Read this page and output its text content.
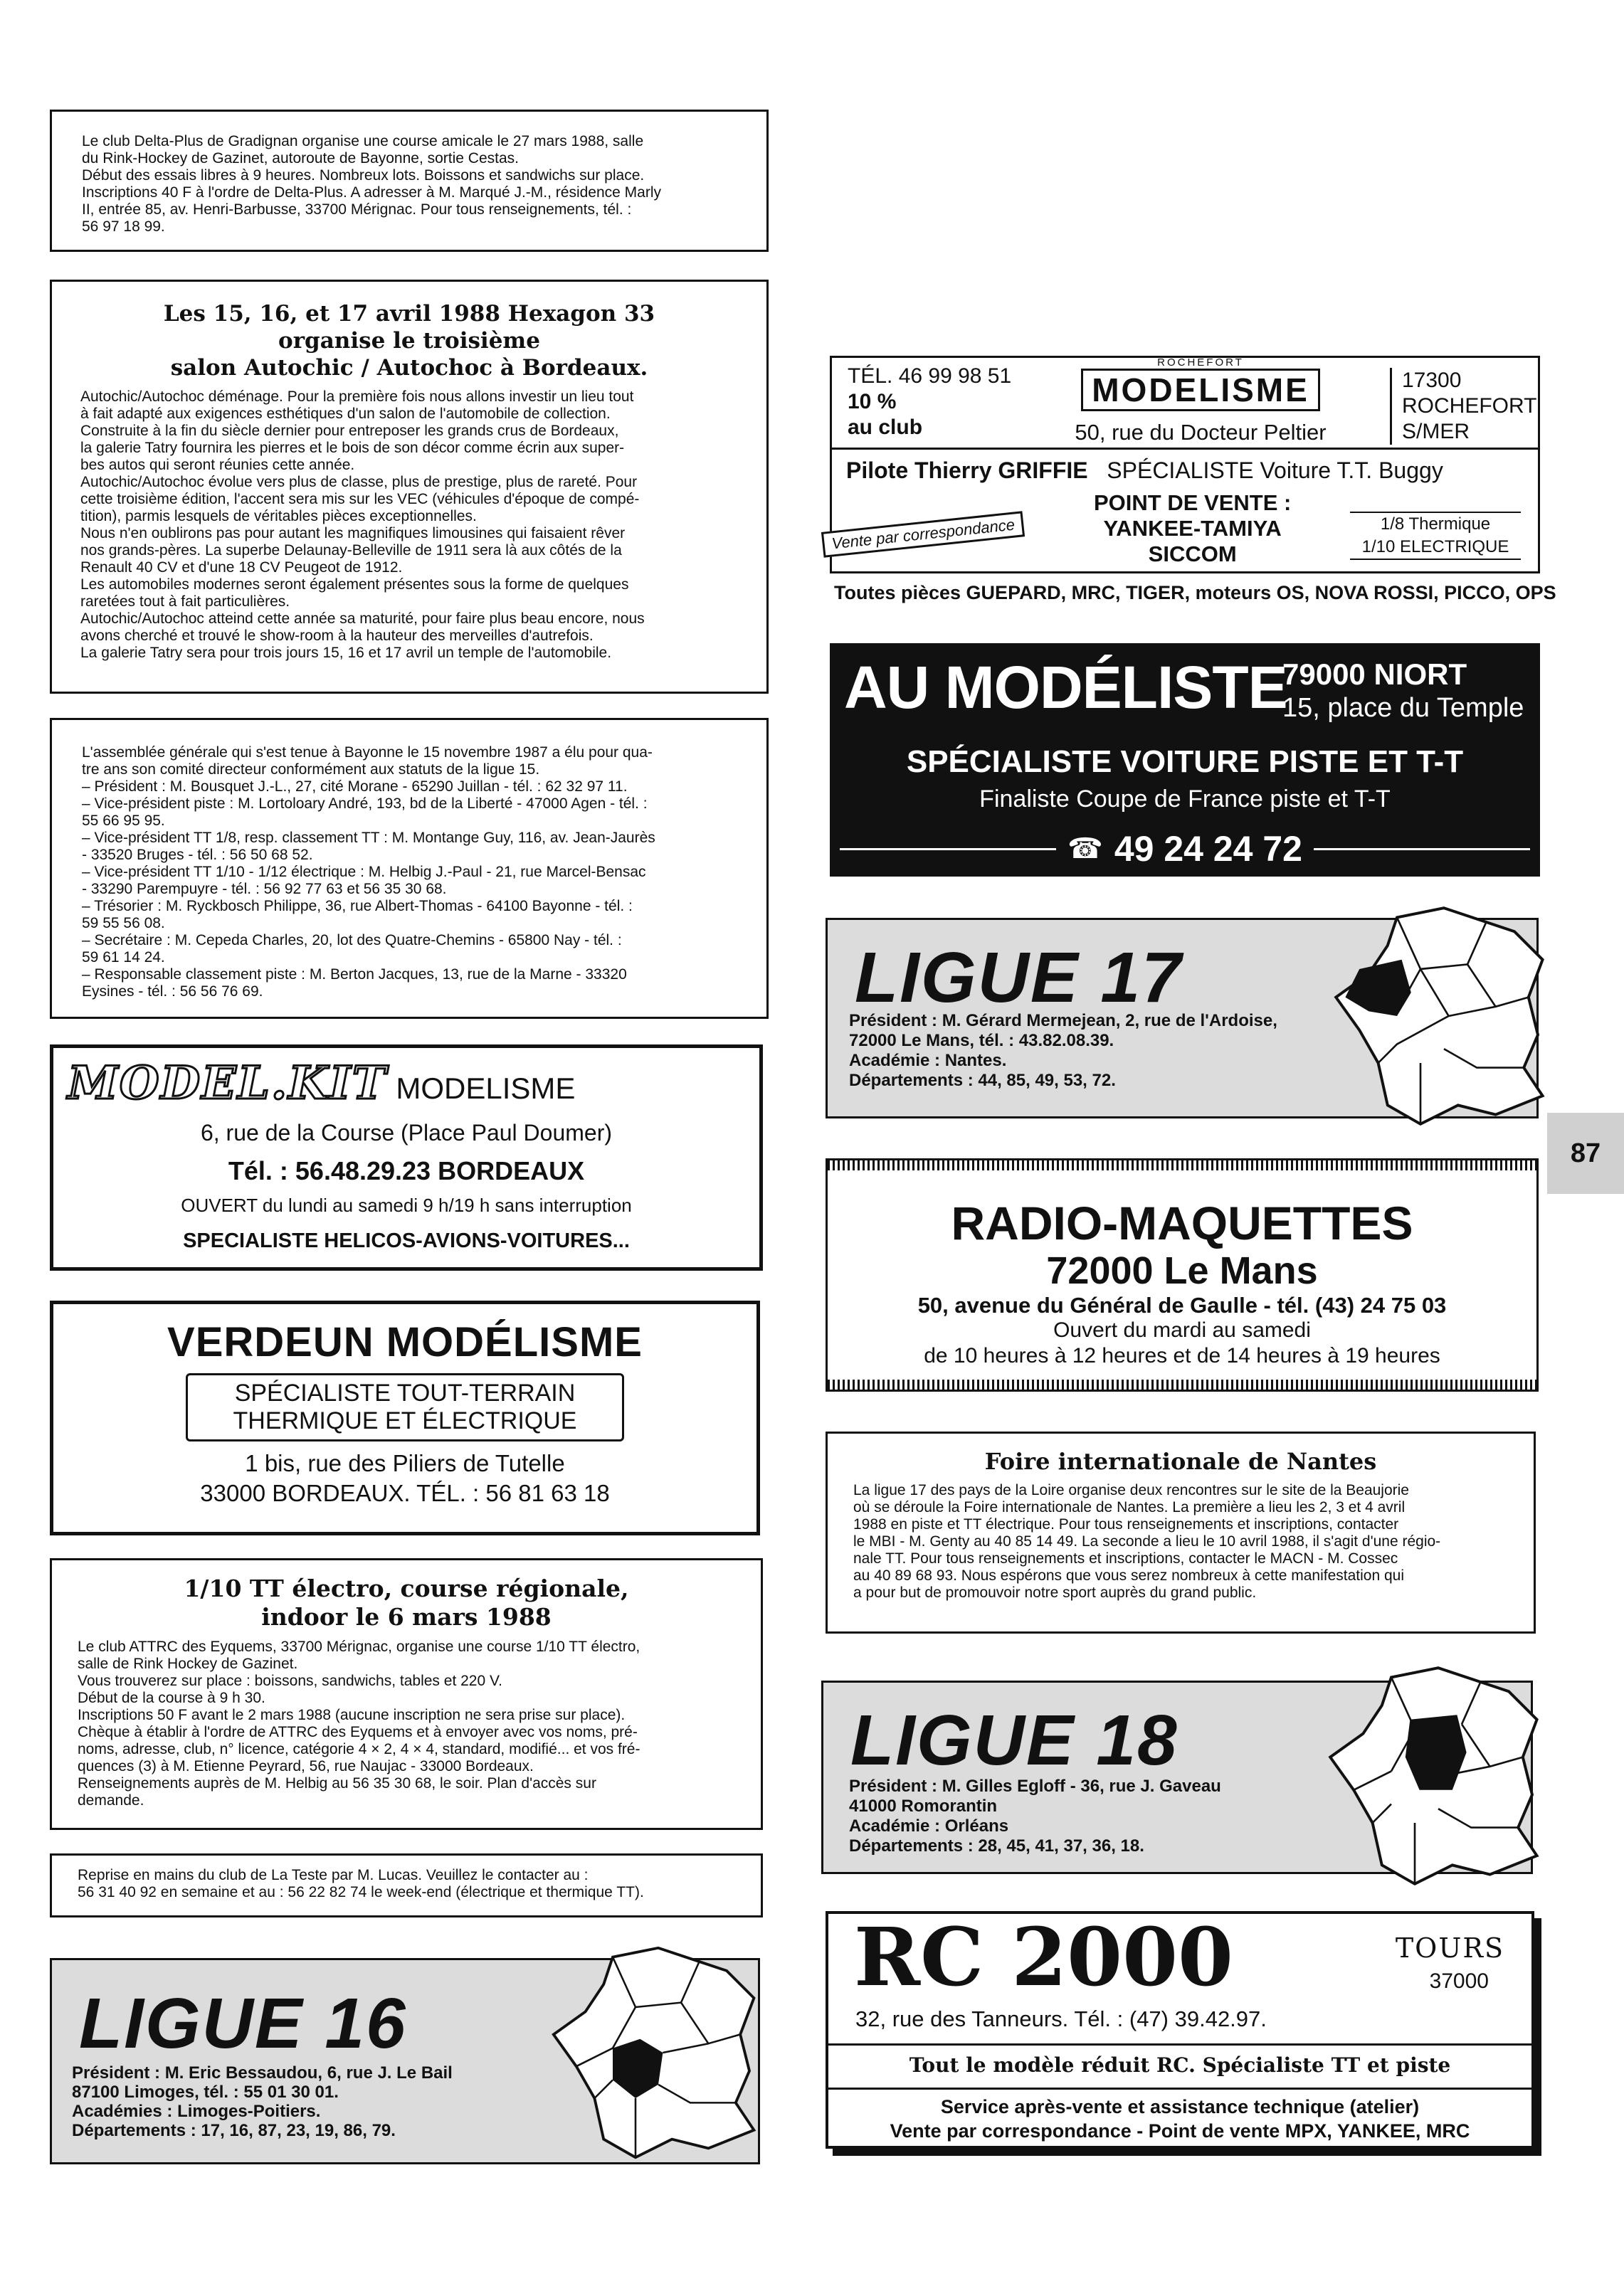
Le club Delta-Plus de Gradignan organise une course amicale le 27 mars 1988, salle

du Rink-Hockey de Gazinet, autoroute de Bayonne, sortie Cestas.

Début des essais libres à 9 heures. Nombreux lots. Boissons et sandwichs sur place.

Inscriptions 40 F à l'ordre de Delta-Plus. A adresser à M. Marqué J.-M., résidence Marly

II, entrée 85, av. Henri-Barbusse, 33700 Mérignac. Pour tous renseignements, tél. :

56 97 18 99.

Les 15, 16, et 17 avril 1988 Hexagon 33

organise le troisième

salon Autochic / Autochoc à Bordeaux.

Autochic/Autochoc déménage. Pour la première fois nous allons investir un lieu tout

à fait adapté aux exigences esthétiques d'un salon de l'automobile de collection.

Construite à la fin du siècle dernier pour entreposer les grands crus de Bordeaux,

la galerie Tatry fournira les pierres et le bois de son décor comme écrin aux super-

bes autos qui seront réunies cette année.

Autochic/Autochoc évolue vers plus de classe, plus de prestige, plus de rareté. Pour

cette troisième édition, l'accent sera mis sur les VEC (véhicules d'époque de compé-

tition), parmis lesquels de véritables pièces exceptionnelles.

Nous n'en oublirons pas pour autant les magnifiques limousines qui faisaient rêver

nos grands-pères. La superbe Delaunay-Belleville de 1911 sera là aux côtés de la

Renault 40 CV et d'une 18 CV Peugeot de 1912.

Les automobiles modernes seront également présentes sous la forme de quelques

raretées tout à fait particulières.

Autochic/Autochoc atteind cette année sa maturité, pour faire plus beau encore, nous

avons cherché et trouvé le show-room à la hauteur des merveilles d'autrefois.

La galerie Tatry sera pour trois jours 15, 16 et 17 avril un temple de l'automobile.

L'assemblée générale qui s'est tenue à Bayonne le 15 novembre 1987 a élu pour qua-

tre ans son comité directeur conformément aux statuts de la ligue 15.

– Président : M. Bousquet J.-L., 27, cité Morane - 65290 Juillan - tél. : 62 32 97 11.

– Vice-président piste : M. Lortoloary André, 193, bd de la Liberté - 47000 Agen - tél. :

55 66 95 95.

– Vice-président TT 1/8, resp. classement TT : M. Montange Guy, 116, av. Jean-Jaurès

- 33520 Bruges - tél. : 56 50 68 52.

– Vice-président TT 1/10 - 1/12 électrique : M. Helbig J.-Paul - 21, rue Marcel-Bensac

- 33290 Parempuyre - tél. : 56 92 77 63 et 56 35 30 68.

– Trésorier : M. Ryckbosch Philippe, 36, rue Albert-Thomas - 64100 Bayonne - tél. :

59 55 56 08.

– Secrétaire : M. Cepeda Charles, 20, lot des Quatre-Chemins - 65800 Nay - tél. :

59 61 14 24.

– Responsable classement piste : M. Berton Jacques, 13, rue de la Marne - 33320

Eysines - tél. : 56 56 76 69.

MODEL.KIT MODELISME

6, rue de la Course (Place Paul Doumer)

Tél. : 56.48.29.23 BORDEAUX

OUVERT du lundi au samedi 9 h/19 h sans interruption

SPECIALISTE HELICOS-AVIONS-VOITURES...

VERDEUN MODÉLISME

SPÉCIALISTE TOUT-TERRAIN

THERMIQUE ET ÉLECTRIQUE

1 bis, rue des Piliers de Tutelle

33000 BORDEAUX. TÉL. : 56 81 63 18

1/10 TT électro, course régionale,

indoor le 6 mars 1988

Le club ATTRC des Eyquems, 33700 Mérignac, organise une course 1/10 TT électro,

salle de Rink Hockey de Gazinet.

Vous trouverez sur place : boissons, sandwichs, tables et 220 V.

Début de la course à 9 h 30.

Inscriptions 50 F avant le 2 mars 1988 (aucune inscription ne sera prise sur place).

Chèque à établir à l'ordre de ATTRC des Eyquems et à envoyer avec vos noms, pré-

noms, adresse, club, n° licence, catégorie 4 × 2, 4 × 4, standard, modifié... et vos fré-

quences (3) à M. Etienne Peyrard, 56, rue Naujac - 33000 Bordeaux.

Renseignements auprès de M. Helbig au 56 35 30 68, le soir. Plan d'accès sur

demande.

Reprise en mains du club de La Teste par M. Lucas. Veuillez le contacter au :

56 31 40 92 en semaine et au : 56 22 82 74 le week-end (électrique et thermique TT).

LIGUE 16

Président : M. Eric Bessaudou, 6, rue J. Le Bail

87100 Limoges, tél. : 55 01 30 01.

Académies : Limoges-Poitiers.

Départements : 17, 16, 87, 23, 19, 86, 79.

TÉL. 46 99 98 51

10 %

au club

ROCHEFORT

MODELISME

50, rue du Docteur Peltier

17300

ROCHEFORT

S/MER

Pilote Thierry GRIFFIE SPÉCIALISTE Voiture T.T. Buggy

POINT DE VENTE :

YANKEE-TAMIYA

SICCOM

1/8 Thermique

1/10 ELECTRIQUE

Vente par correspondance

Toutes pièces GUEPARD, MRC, TIGER, moteurs OS, NOVA ROSSI, PICCO, OPS

AU MODÉLISTE

79000 NIORT

15, place du Temple

SPÉCIALISTE VOITURE PISTE ET T-T

Finaliste Coupe de France piste et T-T

☎ 49 24 24 72

LIGUE 17

Président : M. Gérard Mermejean, 2, rue de l'Ardoise,

72000 Le Mans, tél. : 43.82.08.39.

Académie : Nantes.

Départements : 44, 85, 49, 53, 72.

87

RADIO-MAQUETTES

72000 Le Mans

50, avenue du Général de Gaulle - tél. (43) 24 75 03

Ouvert du mardi au samedi

de 10 heures à 12 heures et de 14 heures à 19 heures

Foire internationale de Nantes

La ligue 17 des pays de la Loire organise deux rencontres sur le site de la Beaujorie

où se déroule la Foire internationale de Nantes. La première a lieu les 2, 3 et 4 avril

1988 en piste et TT électrique. Pour tous renseignements et inscriptions, contacter

le MBI - M. Genty au 40 85 14 49. La seconde a lieu le 10 avril 1988, il s'agit d'une régio-

nale TT. Pour tous renseignements et inscriptions, contacter le MACN - M. Cossec

au 40 89 68 93. Nous espérons que vous serez nombreux à cette manifestation qui

a pour but de promouvoir notre sport auprès du grand public.

LIGUE 18

Président : M. Gilles Egloff - 36, rue J. Gaveau

41000 Romorantin

Académie : Orléans

Départements : 28, 45, 41, 37, 36, 18.

RC 2000	TOURS

37000

32, rue des Tanneurs. Tél. : (47) 39.42.97.

Tout le modèle réduit RC. Spécialiste TT et piste

Service après-vente et assistance technique (atelier)

Vente par correspondance - Point de vente MPX, YANKEE, MRC
